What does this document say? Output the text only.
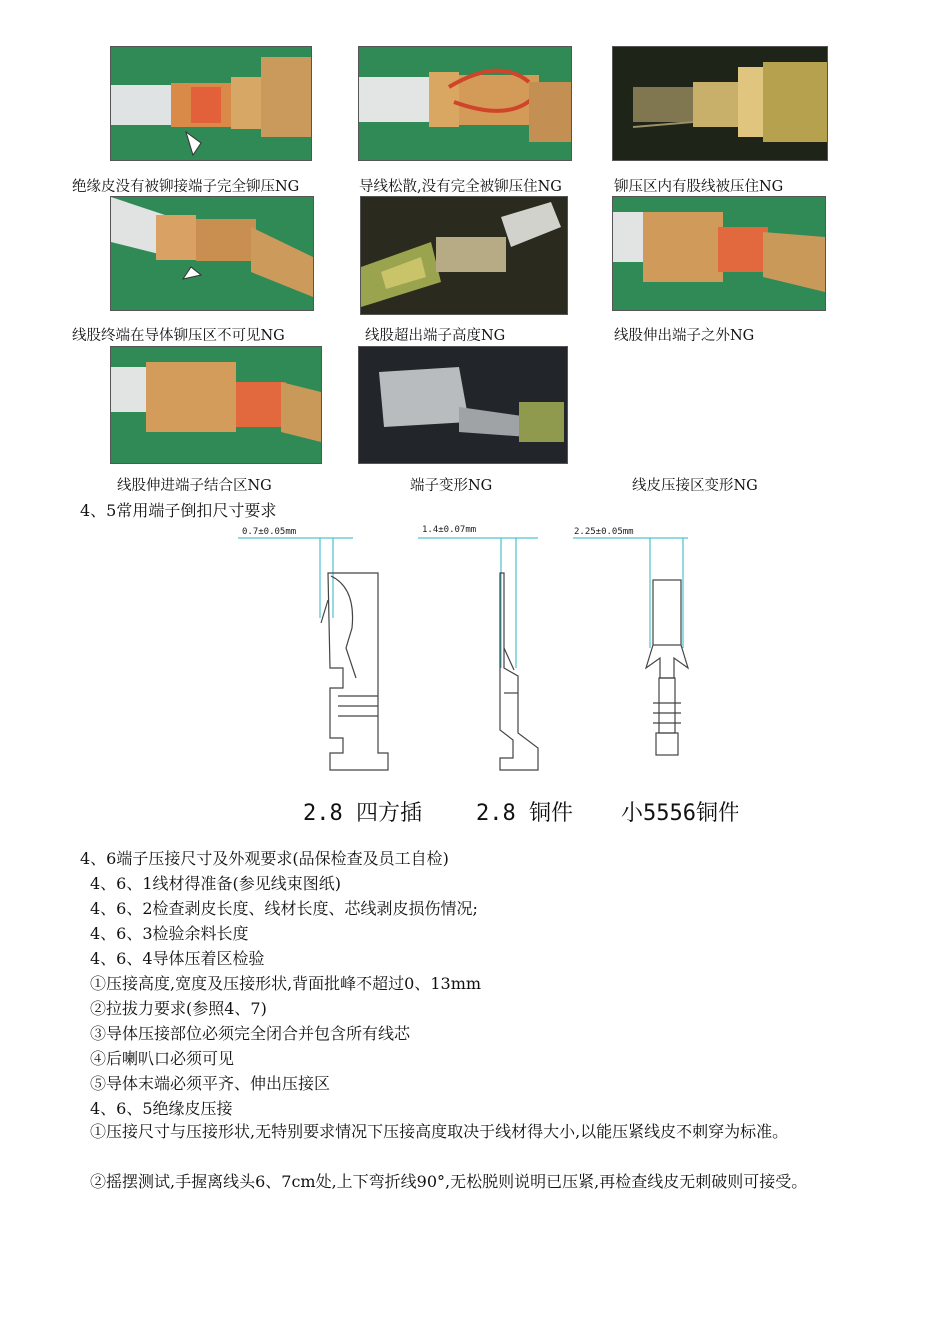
绝缘皮没有被铆接端子完全铆压NG	导线松散,没有完全被铆压住NG	铆压区内有股线被压住NG
线股终端在导体铆压区不可见NG	线股超出端子高度NG	线股伸出端子之外NG
线股伸进端子结合区NG	端子变形NG	线皮压接区变形NG
4、5常用端子倒扣尺寸要求
0.7±0.05mm	1.4±0.07mm	2.25±0.05mm
2.8 四方插 2.8 铜件 小5556铜件
4、6端子压接尺寸及外观要求(品保检查及员工自检)
4、6、1线材得准备(参见线束图纸)
4、6、2检查剥皮长度、线材长度、芯线剥皮损伤情况;
4、6、3检验余料长度
4、6、4导体压着区检验
①压接高度,宽度及压接形状,背面批峰不超过0、13mm
②拉拔力要求(参照4、7)
③导体压接部位必须完全闭合并包含所有线芯
④后喇叭口必须可见
⑤导体末端必须平齐、伸出压接区
4、6、5绝缘皮压接
①压接尺寸与压接形状,无特别要求情况下压接高度取决于线材得大小,以能压紧线皮不刺穿为标准。
②摇摆测试,手握离线头6、7cm处,上下弯折线90°,无松脱则说明已压紧,再检查线皮无刺破则可接受。
